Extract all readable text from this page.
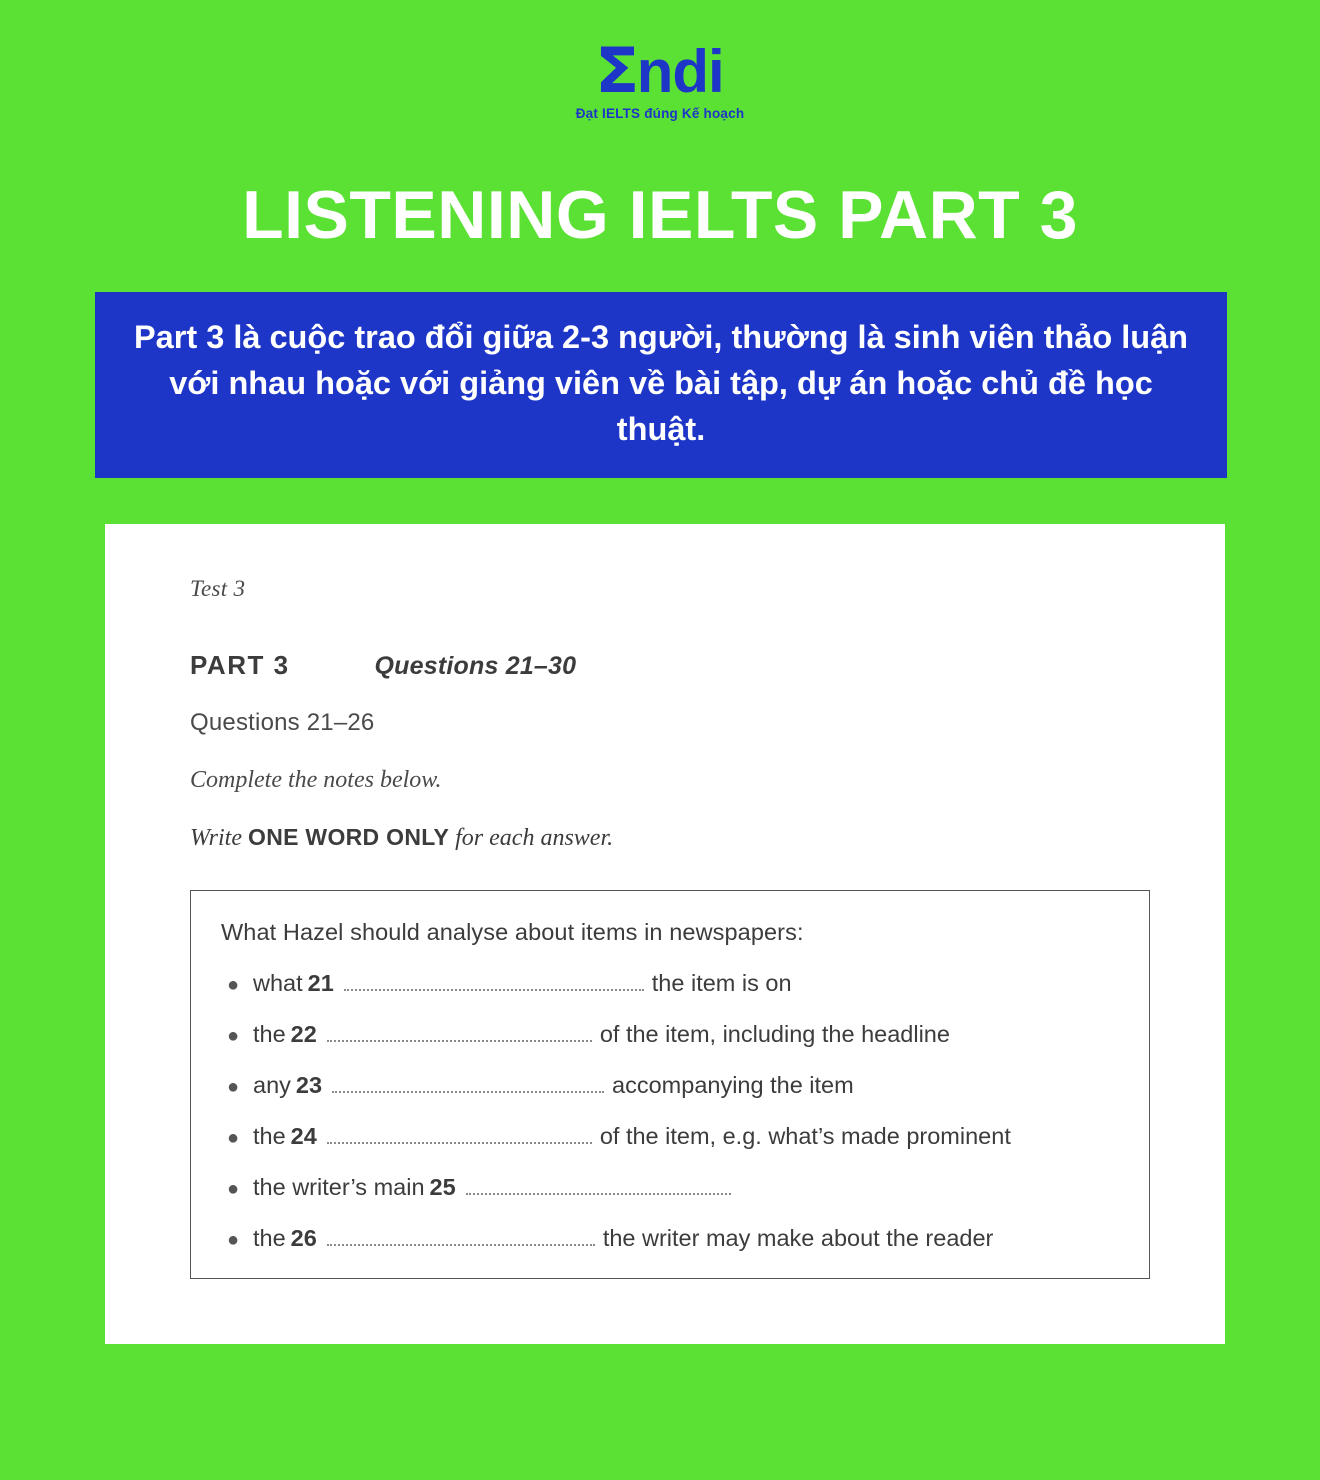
Σ
ndi
Đạt IELTS đúng Kế hoạch
LISTENING IELTS PART 3
Part 3 là cuộc trao đổi giữa 2-3 người, thường là sinh viên thảo luận với nhau hoặc với giảng viên về bài tập, dự án hoặc chủ đề học thuật.
Test 3
PART 3	Questions 21–30
Questions 21–26
Complete the notes below.
Write ONE WORD ONLY for each answer.
What Hazel should analyse about items in newspapers:
● what 21	the item is on
● the 22	of the item, including the headline
● any 23	accompanying the item
● the 24	of the item, e.g. what’s made prominent
● the writer’s main 25
● the 26	the writer may make about the reader
